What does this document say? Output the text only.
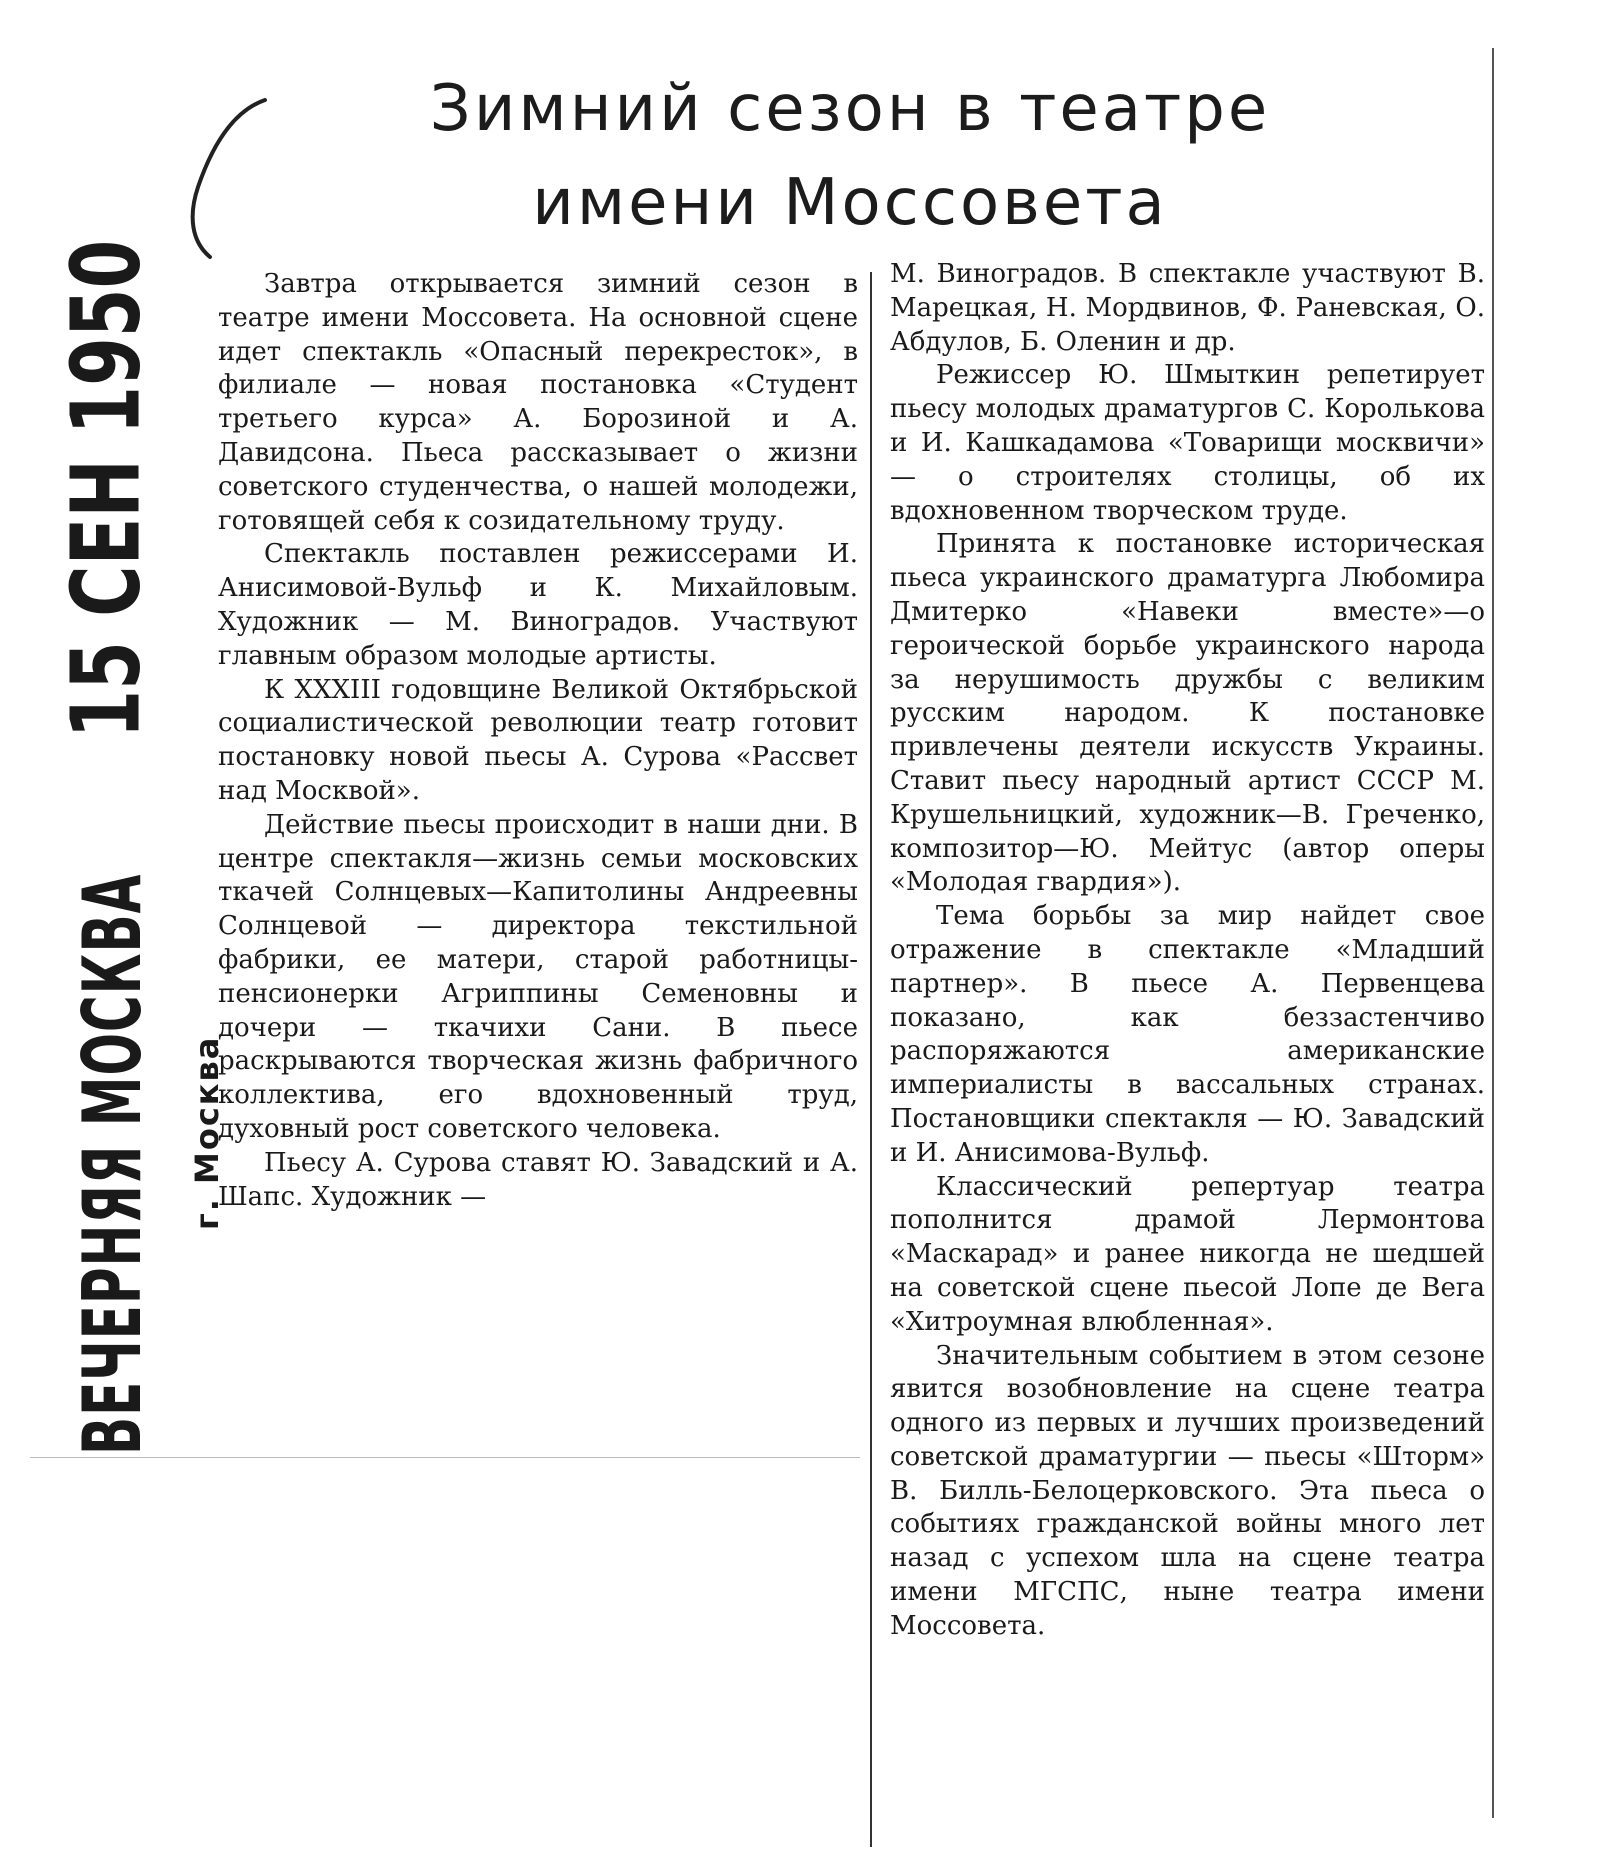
Зимний сезон в театре
имени Моссовета
ВЕЧЕРНЯЯ МОСКВА 15 СЕН 1950
г. Москва

Завтра открывается зимний сезон в театре имени Моссовета. На основной сцене идет спектакль «Опасный перекресток», в филиале — новая постановка «Студент третьего курса» А. Борозиной и А. Давидсона. Пьеса рассказывает о жизни советского студенчества, о нашей молодежи, готовящей себя к созидательному труду.

Спектакль поставлен режиссерами И. Анисимовой-Вульф и К. Михайловым. Художник — М. Виноградов. Участвуют главным образом молодые артисты.

К XXXIII годовщине Великой Октябрьской социалистической революции театр готовит постановку новой пьесы А. Сурова «Рассвет над Москвой».

Действие пьесы происходит в наши дни. В центре спектакля—жизнь семьи московских ткачей Солнцевых—Капитолины Андреевны Солнцевой — директора текстильной фабрики, ее матери, старой работницы-пенсионерки Агриппины Семеновны и дочери — ткачихи Сани. В пьесе раскрываются творческая жизнь фабричного коллектива, его вдохновенный труд, духовный рост советского человека.

Пьесу А. Сурова ставят Ю. Завадский и А. Шапс. Художник —

М. Виноградов. В спектакле участвуют В. Марецкая, Н. Мордвинов, Ф. Раневская, О. Абдулов, Б. Оленин и др.

Режиссер Ю. Шмыткин репетирует пьесу молодых драматургов С. Королькова и И. Кашкадамова «Товарищи москвичи» — о строителях столицы, об их вдохновенном творческом труде.

Принята к постановке историческая пьеса украинского драматурга Любомира Дмитерко «Навеки вместе»—о героической борьбе украинского народа за нерушимость дружбы с великим русским народом. К постановке привлечены деятели искусств Украины. Ставит пьесу народный артист СССР М. Крушельницкий, художник—В. Греченко, композитор—Ю. Мейтус (автор оперы «Молодая гвардия»).

Тема борьбы за мир найдет свое отражение в спектакле «Младший партнер». В пьесе А. Первенцева показано, как беззастенчиво распоряжаются американские империалисты в вассальных странах. Постановщики спектакля — Ю. Завадский и И. Анисимова-Вульф.

Классический репертуар театра пополнится драмой Лермонтова «Маскарад» и ранее никогда не шедшей на советской сцене пьесой Лопе де Вега «Хитроумная влюбленная».

Значительным событием в этом сезоне явится возобновление на сцене театра одного из первых и лучших произведений советской драматургии — пьесы «Шторм» В. Билль-Белоцерковского. Эта пьеса о событиях гражданской войны много лет назад с успехом шла на сцене театра имени МГСПС, ныне театра имени Моссовета.
